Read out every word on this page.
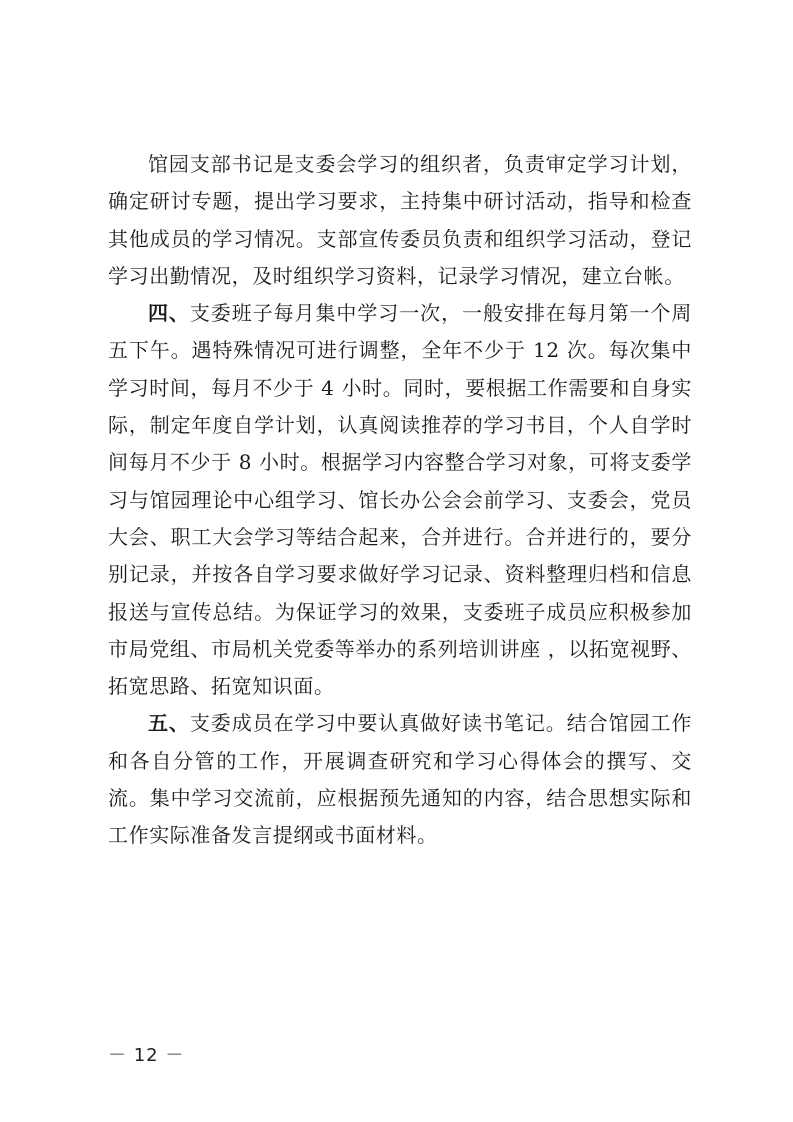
馆园支部书记是支委会学习的组织者，负责审定学习计划，确定研讨专题，提出学习要求，主持集中研讨活动，指导和检查其他成员的学习情况。支部宣传委员负责和组织学习活动，登记学习出勤情况，及时组织学习资料，记录学习情况，建立台帐。

四、支委班子每月集中学习一次，一般安排在每月第一个周五下午。遇特殊情况可进行调整，全年不少于 12 次。每次集中学习时间，每月不少于 4 小时。同时，要根据工作需要和自身实际，制定年度自学计划，认真阅读推荐的学习书目，个人自学时间每月不少于 8 小时。根据学习内容整合学习对象，可将支委学习与馆园理论中心组学习、馆长办公会会前学习、支委会，党员大会、职工大会学习等结合起来，合并进行。合并进行的，要分别记录，并按各自学习要求做好学习记录、资料整理归档和信息报送与宣传总结。为保证学习的效果，支委班子成员应积极参加市局党组、市局机关党委等举办的系列培训讲座 ，以拓宽视野、拓宽思路、拓宽知识面。

五、支委成员在学习中要认真做好读书笔记。结合馆园工作和各自分管的工作，开展调查研究和学习心得体会的撰写、交流。集中学习交流前，应根据预先通知的内容，结合思想实际和工作实际准备发言提纲或书面材料。

－ 12 －
